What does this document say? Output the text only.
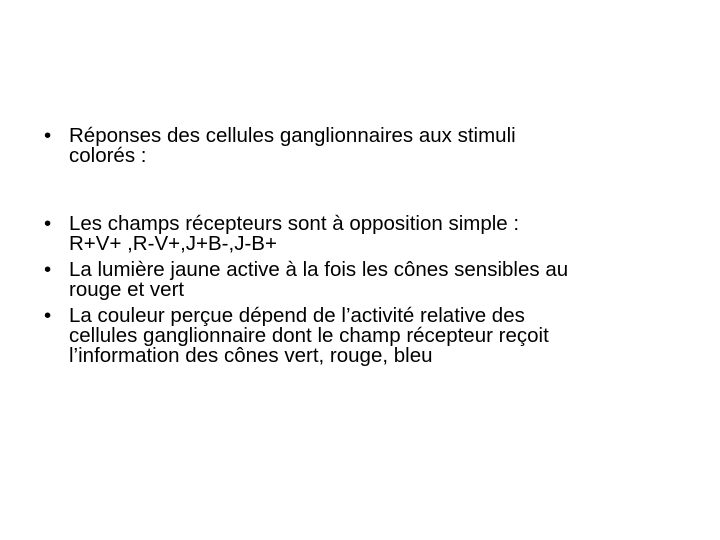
• Réponses des cellules ganglionnaires aux stimuli
colorés :
• Les champs récepteurs sont à opposition simple :
R+V+ ,R-V+,J+B-,J-B+
• La lumière jaune active à la fois les cônes sensibles au
rouge et vert
• La couleur perçue dépend de l’activité relative des
cellules ganglionnaire dont le champ récepteur reçoit
l’information des cônes vert, rouge, bleu
